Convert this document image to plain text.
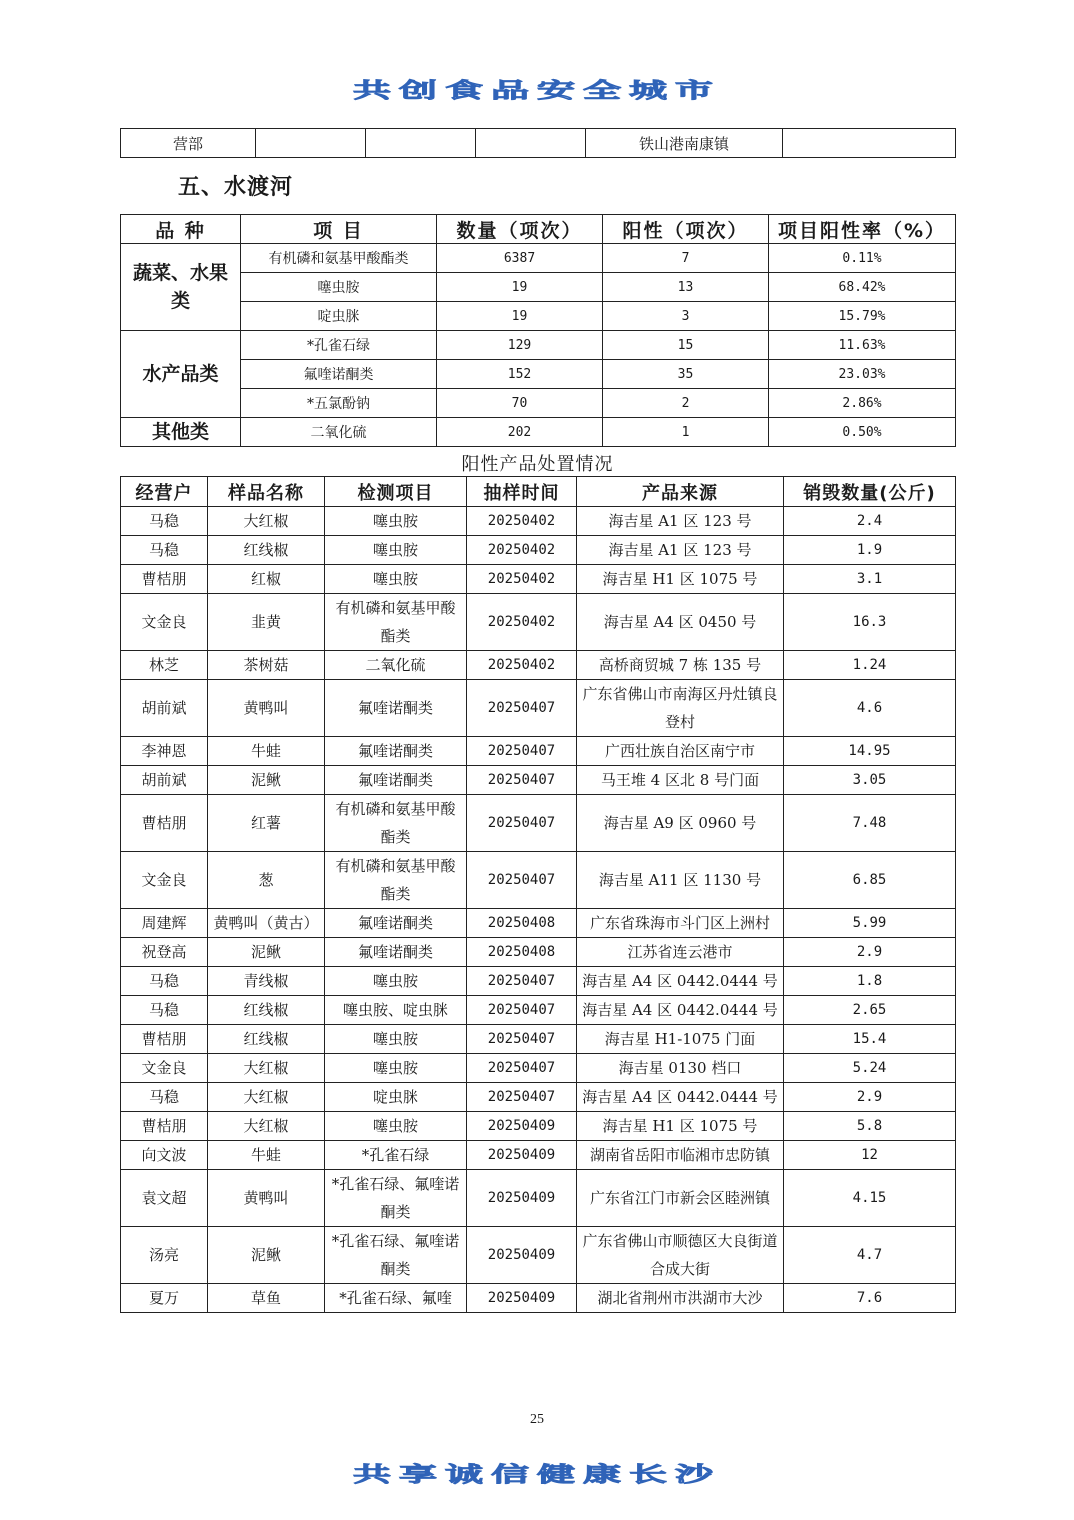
共创食品安全城市
营部				铁山港南康镇	
五、水渡河
品 种	项 目	数量（项次）	阳性（项次）	项目阳性率（%）
蔬菜、水果类	有机磷和氨基甲酸酯类	6387	7	0.11%
	噻虫胺	19	13	68.42%
	啶虫脒	19	3	15.79%
水产品类	*孔雀石绿	129	15	11.63%
	氟喹诺酮类	152	35	23.03%
	*五氯酚钠	70	2	2.86%
其他类	二氧化硫	202	1	0.50%
阳性产品处置情况
经营户	样品名称	检测项目	抽样时间	产品来源	销毁数量(公斤)
马稳	大红椒	噻虫胺	20250402	海吉星 A1 区 123 号	2.4
马稳	红线椒	噻虫胺	20250402	海吉星 A1 区 123 号	1.9
曹桔朋	红椒	噻虫胺	20250402	海吉星 H1 区 1075 号	3.1
文金良	韭黄	有机磷和氨基甲酸酯类	20250402	海吉星 A4 区 0450 号	16.3
林芝	茶树菇	二氧化硫	20250402	高桥商贸城 7 栋 135 号	1.24
胡前斌	黄鸭叫	氟喹诺酮类	20250407	广东省佛山市南海区丹灶镇良登村	4.6
李神恩	牛蛙	氟喹诺酮类	20250407	广西壮族自治区南宁市	14.95
胡前斌	泥鳅	氟喹诺酮类	20250407	马王堆 4 区北 8 号门面	3.05
曹桔朋	红薯	有机磷和氨基甲酸酯类	20250407	海吉星 A9 区 0960 号	7.48
文金良	葱	有机磷和氨基甲酸酯类	20250407	海吉星 A11 区 1130 号	6.85
周建辉	黄鸭叫（黄古）	氟喹诺酮类	20250408	广东省珠海市斗门区上洲村	5.99
祝登高	泥鳅	氟喹诺酮类	20250408	江苏省连云港市	2.9
马稳	青线椒	噻虫胺	20250407	海吉星 A4 区 0442.0444 号	1.8
马稳	红线椒	噻虫胺、啶虫脒	20250407	海吉星 A4 区 0442.0444 号	2.65
曹桔朋	红线椒	噻虫胺	20250407	海吉星 H1-1075 门面	15.4
文金良	大红椒	噻虫胺	20250407	海吉星 0130 档口	5.24
马稳	大红椒	啶虫脒	20250407	海吉星 A4 区 0442.0444 号	2.9
曹桔朋	大红椒	噻虫胺	20250409	海吉星 H1 区 1075 号	5.8
向文波	牛蛙	*孔雀石绿	20250409	湖南省岳阳市临湘市忠防镇	12
袁文超	黄鸭叫	*孔雀石绿、氟喹诺酮类	20250409	广东省江门市新会区睦洲镇	4.15
汤亮	泥鳅	*孔雀石绿、氟喹诺酮类	20250409	广东省佛山市顺德区大良街道合成大街	4.7
夏万	草鱼	*孔雀石绿、氟喹	20250409	湖北省荆州市洪湖市大沙	7.6
25
共享诚信健康长沙
